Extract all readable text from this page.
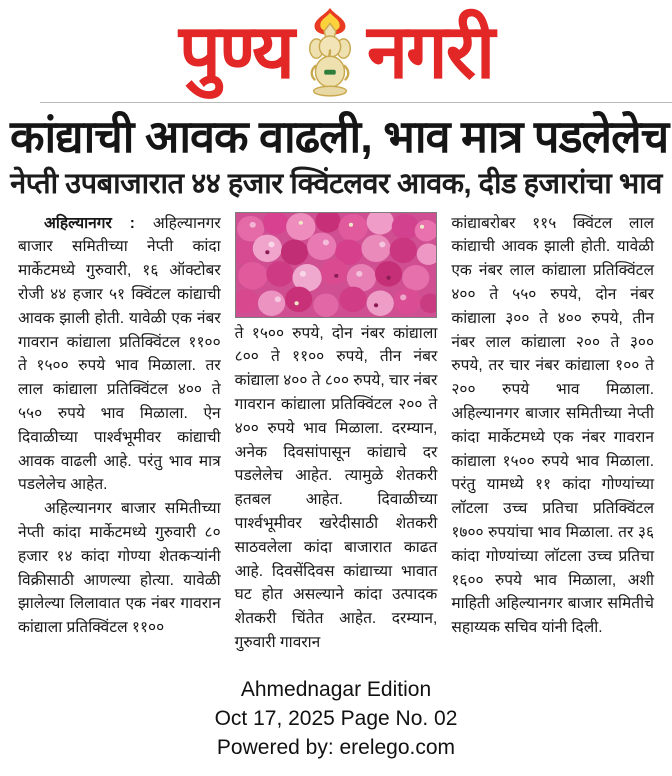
पुण्य नगरी
कांद्याची आवक वाढली, भाव मात्र पडलेलेच
नेप्ती उपबाजारात ४४ हजार क्विंटलवर आवक, दीड हजारांचा भाव

अहिल्यानगर : अहिल्यानगर बाजार समितीच्या नेप्ती कांदा मार्केटमध्ये गुरुवारी, १६ ऑक्टोबर रोजी ४४ हजार ५१ क्विंटल कांद्याची आवक झाली होती. यावेळी एक नंबर गावरान कांद्याला प्रतिक्विंटल ११०० ते १५०० रुपये भाव मिळाला. तर लाल कांद्याला प्रतिक्विंटल ४०० ते ५५० रुपये भाव मिळाला. ऐन दिवाळीच्या पार्श्वभूमीवर कांद्याची आवक वाढली आहे. परंतु भाव मात्र पडलेलेच आहेत.

अहिल्यानगर बाजार समितीच्या नेप्ती कांदा मार्केटमध्ये गुरुवारी ८० हजार १४ कांदा गोण्या शेतकऱ्यांनी विक्रीसाठी आणल्या होत्या. यावेळी झालेल्या लिलावात एक नंबर गावरान कांद्याला प्रतिक्विंटल ११००

ते १५०० रुपये, दोन नंबर कांद्याला ८०० ते ११०० रुपये, तीन नंबर कांद्याला ४०० ते ८०० रुपये, चार नंबर गावरान कांद्याला प्रतिक्विंटल २०० ते ४०० रुपये भाव मिळाला. दरम्यान, अनेक दिवसांपासून कांद्याचे दर पडलेलेच आहेत. त्यामुळे शेतकरी हतबल आहेत. दिवाळीच्या पार्श्वभूमीवर खरेदीसाठी शेतकरी साठवलेला कांदा बाजारात काढत आहे. दिवसेंदिवस कांद्याच्या भावात घट होत असल्याने कांदा उत्पादक शेतकरी चिंतेत आहेत. दरम्यान, गुरुवारी गावरान

कांद्याबरोबर ११५ क्विंटल लाल कांद्याची आवक झाली होती. यावेळी एक नंबर लाल कांद्याला प्रतिक्विंटल ४०० ते ५५० रुपये, दोन नंबर कांद्याला ३०० ते ४०० रुपये, तीन नंबर लाल कांद्याला २०० ते ३०० रुपये, तर चार नंबर कांद्याला १०० ते २०० रुपये भाव मिळाला. अहिल्यानगर बाजार समितीच्या नेप्ती कांदा मार्केटमध्ये एक नंबर गावरान कांद्याला १५०० रुपये भाव मिळाला. परंतु यामध्ये ११ कांदा गोण्यांच्या लॉटला उच्च प्रतिचा प्रतिक्विंटल १७०० रुपयांचा भाव मिळाला. तर ३६ कांदा गोण्यांच्या लॉटला उच्च प्रतिचा १६०० रुपये भाव मिळाला, अशी माहिती अहिल्यानगर बाजार समितीचे सहाय्यक सचिव यांनी दिली.

Ahmednagar Edition
Oct 17, 2025 Page No. 02
Powered by: erelego.com
